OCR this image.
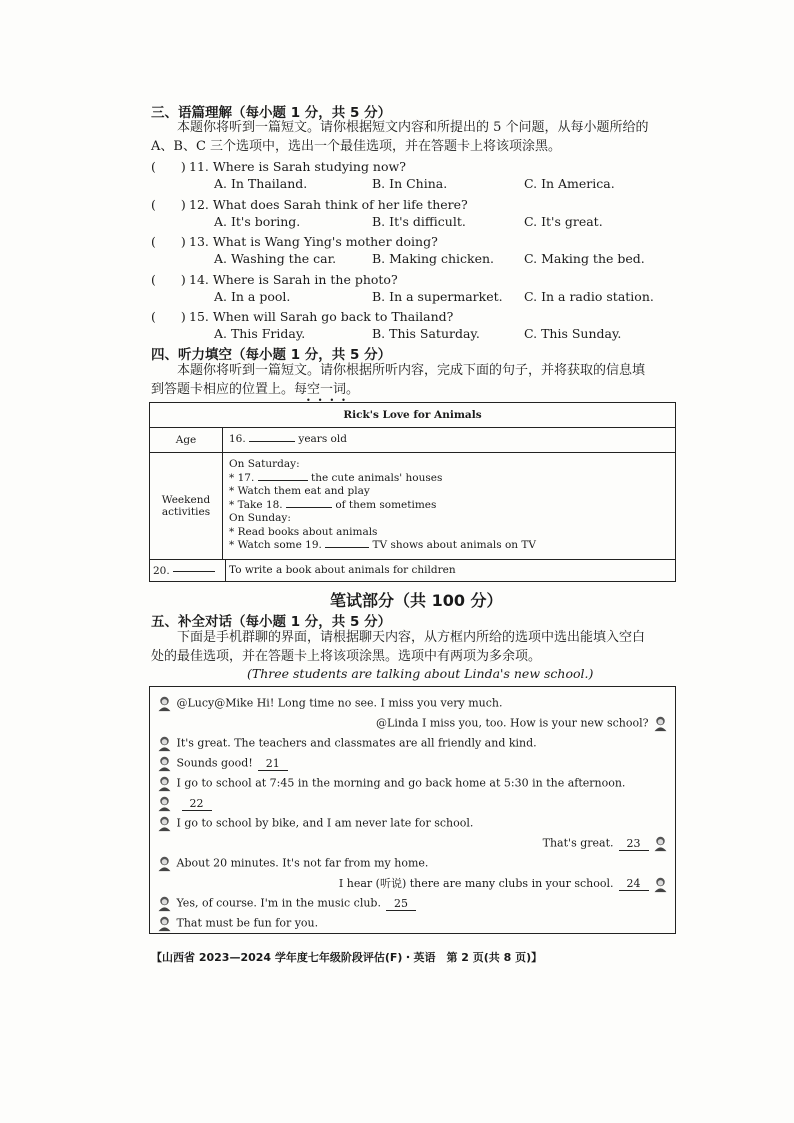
三、语篇理解（每小题 1 分，共 5 分）
本题你将听到一篇短文。请你根据短文内容和所提出的 5 个问题，从每小题所给的
A、B、C 三个选项中，选出一个最佳选项，并在答题卡上将该项涂黑。
(　　) 11. Where is Sarah studying now?
A. In Thailand.	B. In China.	C. In America.
(　　) 12. What does Sarah think of her life there?
A. It's boring.	B. It's difficult.	C. It's great.
(　　) 13. What is Wang Ying's mother doing?
A. Washing the car.	B. Making chicken. C. Making the bed.
(　　) 14. Where is Sarah in the photo?
A. In a pool.	B. In a supermarket. C. In a radio station.
(　　) 15. When will Sarah go back to Thailand?
A. This Friday.	B. This Saturday.	C. This Sunday.
四、听力填空（每小题 1 分，共 5 分）
本题你将听到一篇短文。请你根据所听内容，完成下面的句子，并将获取的信息填
到答题卡相应的位置上。每空一词。
••••
Rick's Love for Animals
Age	16.	years old
Weekend
activities
On Saturday:
* 17.	the cute animals' houses
* Watch them eat and play
* Take 18.	of them sometimes
On Sunday:
* Read books about animals
* Watch some 19.	TV shows about animals on TV
20.	To write a book about animals for children
笔试部分（共 100 分）
五、补全对话（每小题 1 分，共 5 分）
下面是手机群聊的界面，请根据聊天内容，从方框内所给的选项中选出能填入空白
处的最佳选项，并在答题卡上将该项涂黑。选项中有两项为多余项。
(Three students are talking about Linda's new school.)
@Lucy@Mike Hi! Long time no see. I miss you very much.
@Linda I miss you, too. How is your new school?
It's great. The teachers and classmates are all friendly and kind.
Sounds good! 21
I go to school at 7:45 in the morning and go back home at 5:30 in the afternoon.
22
I go to school by bike, and I am never late for school.
That's great. 23
About 20 minutes. It's not far from my home.
I hear (听说) there are many clubs in your school. 24
Yes, of course. I'm in the music club. 25
That must be fun for you.
【山西省 2023—2024 学年度七年级阶段评估(F)・英语　第 2 页(共 8 页)】
